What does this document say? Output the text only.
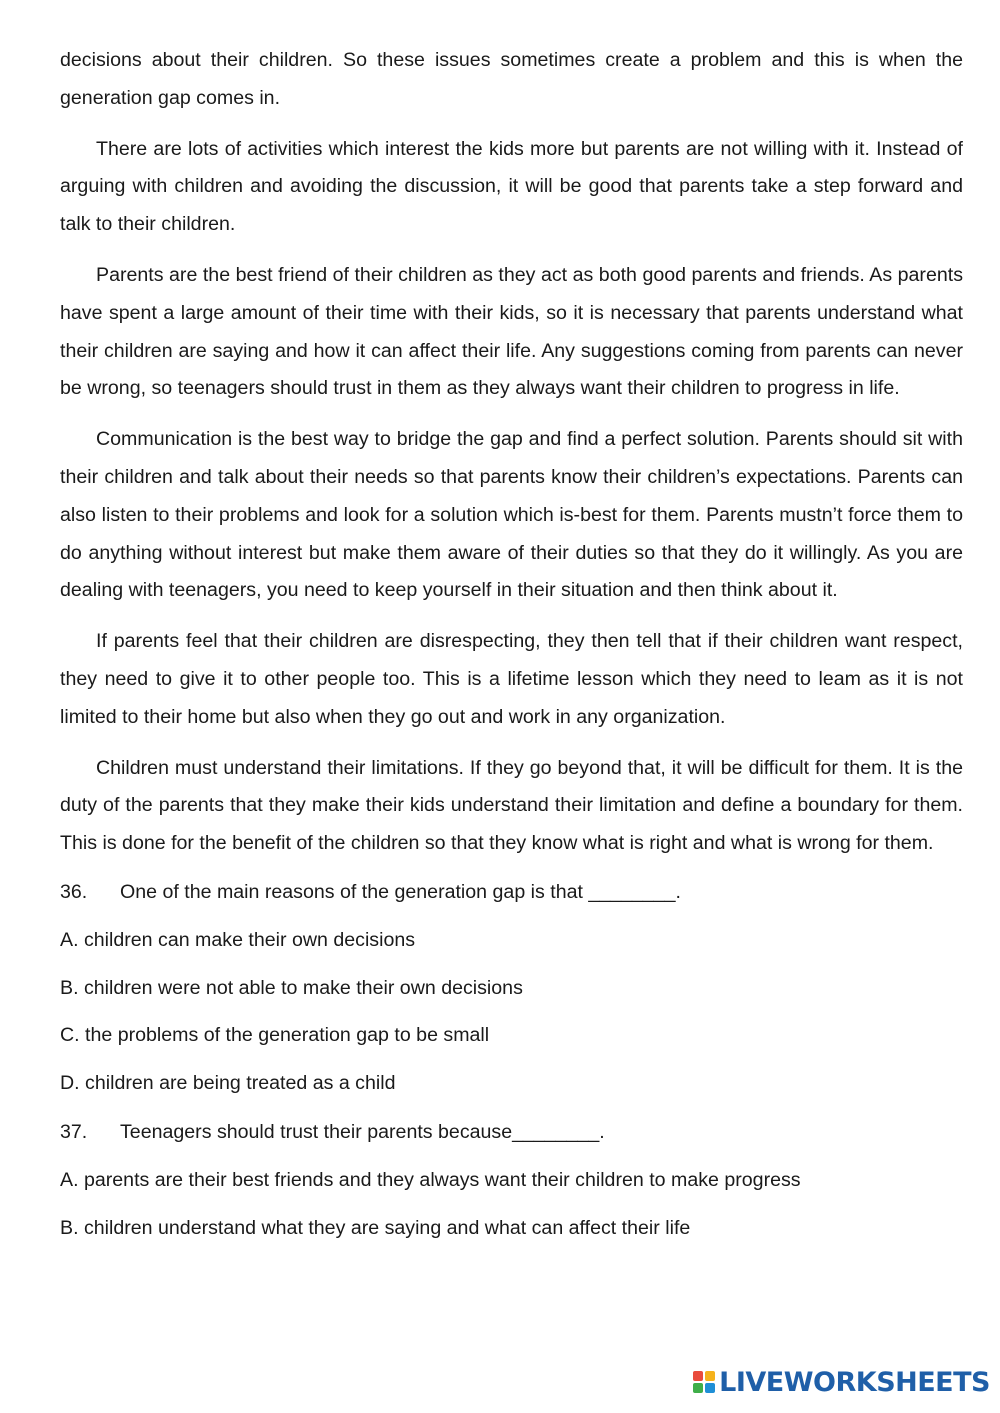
decisions about their children. So these issues sometimes create a problem and this is when the generation gap comes in.

There are lots of activities which interest the kids more but parents are not willing with it. Instead of arguing with children and avoiding the discussion, it will be good that parents take a step forward and talk to their children.

Parents are the best friend of their children as they act as both good parents and friends. As parents have spent a large amount of their time with their kids, so it is necessary that parents understand what their children are saying and how it can affect their life. Any suggestions coming from parents can never be wrong, so teenagers should trust in them as they always want their children to progress in life.

Communication is the best way to bridge the gap and find a perfect solution. Parents should sit with their children and talk about their needs so that parents know their children’s expectations. Parents can also listen to their problems and look for a solution which is-best for them. Parents mustn’t force them to do anything without interest but make them aware of their duties so that they do it willingly. As you are dealing with teenagers, you need to keep yourself in their situation and then think about it.

If parents feel that their children are disrespecting, they then tell that if their children want respect, they need to give it to other people too. This is a lifetime lesson which they need to leam as it is not limited to their home but also when they go out and work in any organization.

Children must understand their limitations. If they go beyond that, it will be difficult for them. It is the duty of the parents that they make their kids understand their limitation and define a boundary for them. This is done for the benefit of the children so that they know what is right and what is wrong for them.

36. One of the main reasons of the generation gap is that ________.
A. children can make their own decisions
B. children were not able to make their own decisions
C. the problems of the generation gap to be small
D. children are being treated as a child
37. Teenagers should trust their parents because________.
A. parents are their best friends and they always want their children to make progress
B. children understand what they are saying and what can affect their life
LIVEWORKSHEETS
